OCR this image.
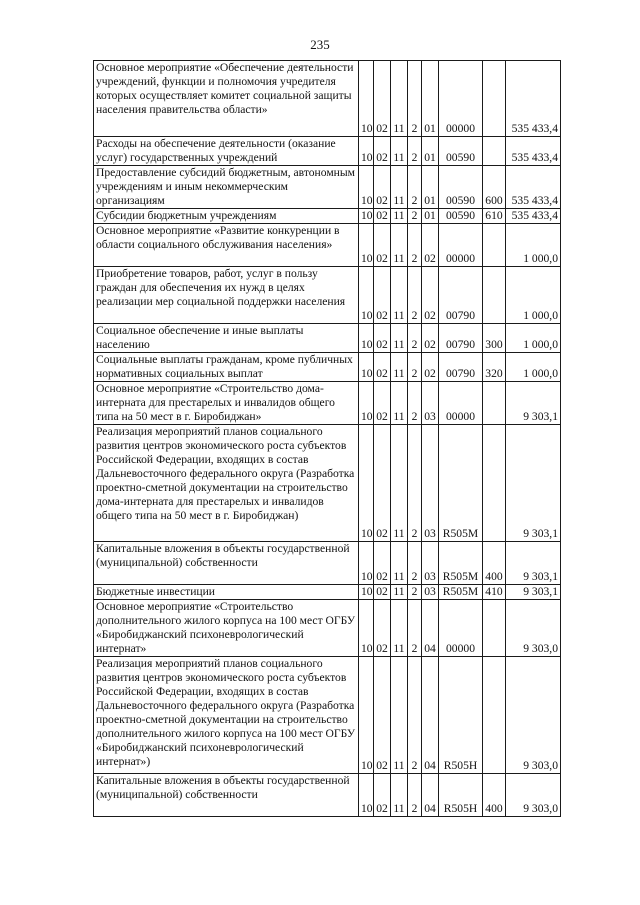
235
Основное мероприятие «Обеспечение деятельности учреждений, функции и полномочия учредителя которых осуществляет комитет социальной защиты населения правительства области»	10	02	11	2	01	00000		535 433,4
Расходы на обеспечение деятельности (оказание услуг) государственных учреждений	10	02	11	2	01	00590		535 433,4
Предоставление субсидий бюджетным, автономным учреждениям и иным некоммерческим организациям	10	02	11	2	01	00590	600	535 433,4
Субсидии бюджетным учреждениям	10	02	11	2	01	00590	610	535 433,4
Основное мероприятие «Развитие конкуренции в области социального обслуживания населения»	10	02	11	2	02	00000		1 000,0
Приобретение товаров, работ, услуг в пользу граждан для обеспечения их нужд в целях реализации мер социальной поддержки населения	10	02	11	2	02	00790		1 000,0
Социальное обеспечение и иные выплаты населению	10	02	11	2	02	00790	300	1 000,0
Социальные выплаты гражданам, кроме публичных нормативных социальных выплат	10	02	11	2	02	00790	320	1 000,0
Основное мероприятие «Строительство дома-интерната для престарелых и инвалидов общего типа на 50 мест в г. Биробиджан»	10	02	11	2	03	00000		9 303,1
Реализация мероприятий планов социального развития центров экономического роста субъектов Российской Федерации, входящих в состав Дальневосточного федерального округа (Разработка проектно-сметной документации на строительство дома-интерната для престарелых и инвалидов общего типа на 50 мест в г. Биробиджан)	10	02	11	2	03	R505M		9 303,1
Капитальные вложения в объекты государственной (муниципальной) собственности	10	02	11	2	03	R505M	400	9 303,1
Бюджетные инвестиции	10	02	11	2	03	R505M	410	9 303,1
Основное мероприятие «Строительство дополнительного жилого корпуса на 100 мест ОГБУ «Биробиджанский психоневрологический интернат»	10	02	11	2	04	00000		9 303,0
Реализация мероприятий планов социального развития центров экономического роста субъектов Российской Федерации, входящих в состав Дальневосточного федерального округа (Разработка проектно-сметной документации на строительство дополнительного жилого корпуса на 100 мест ОГБУ «Биробиджанский психоневрологический интернат»)	10	02	11	2	04	R505H		9 303,0
Капитальные вложения в объекты государственной (муниципальной) собственности	10	02	11	2	04	R505H	400	9 303,0
